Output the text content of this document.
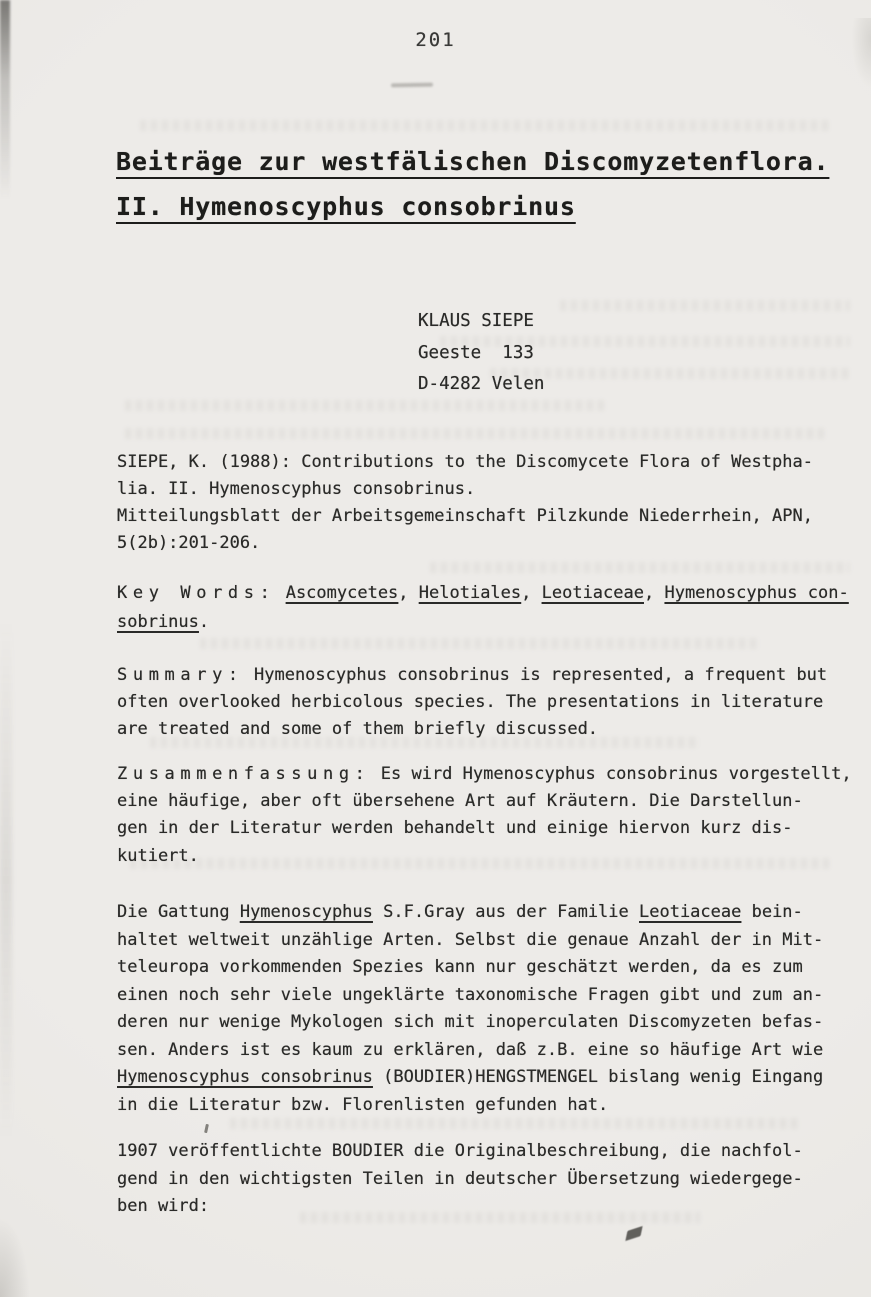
201
Beiträge zur westfälischen Discomyzetenflora.
II. Hymenoscyphus consobrinus
KLAUS SIEPE
Geeste  133
D-4282 Velen
SIEPE, K. (1988): Contributions to the Discomycete Flora of Westpha-
lia. II. Hymenoscyphus consobrinus.
Mitteilungsblatt der Arbeitsgemeinschaft Pilzkunde Niederrhein, APN,
5(2b):201-206.
Key Words: Ascomycetes, Helotiales, Leotiaceae, Hymenoscyphus con-
sobrinus.
Summary: Hymenoscyphus consobrinus is represented, a frequent but
often overlooked herbicolous species. The presentations in literature
are treated and some of them briefly discussed.
Zusammenfassung: Es wird Hymenoscyphus consobrinus vorgestellt,
eine häufige, aber oft übersehene Art auf Kräutern. Die Darstellun-
gen in der Literatur werden behandelt und einige hiervon kurz dis-
kutiert.
Die Gattung Hymenoscyphus S.F.Gray aus der Familie Leotiaceae bein-
haltet weltweit unzählige Arten. Selbst die genaue Anzahl der in Mit-
teleuropa vorkommenden Spezies kann nur geschätzt werden, da es zum
einen noch sehr viele ungeklärte taxonomische Fragen gibt und zum an-
deren nur wenige Mykologen sich mit inoperculaten Discomyzeten befas-
sen. Anders ist es kaum zu erklären, daß z.B. eine so häufige Art wie
Hymenoscyphus consobrinus (BOUDIER)HENGSTMENGEL bislang wenig Eingang
in die Literatur bzw. Florenlisten gefunden hat.
1907 veröffentlichte BOUDIER die Originalbeschreibung, die nachfol-
gend in den wichtigsten Teilen in deutscher Übersetzung wiedergege-
ben wird:
